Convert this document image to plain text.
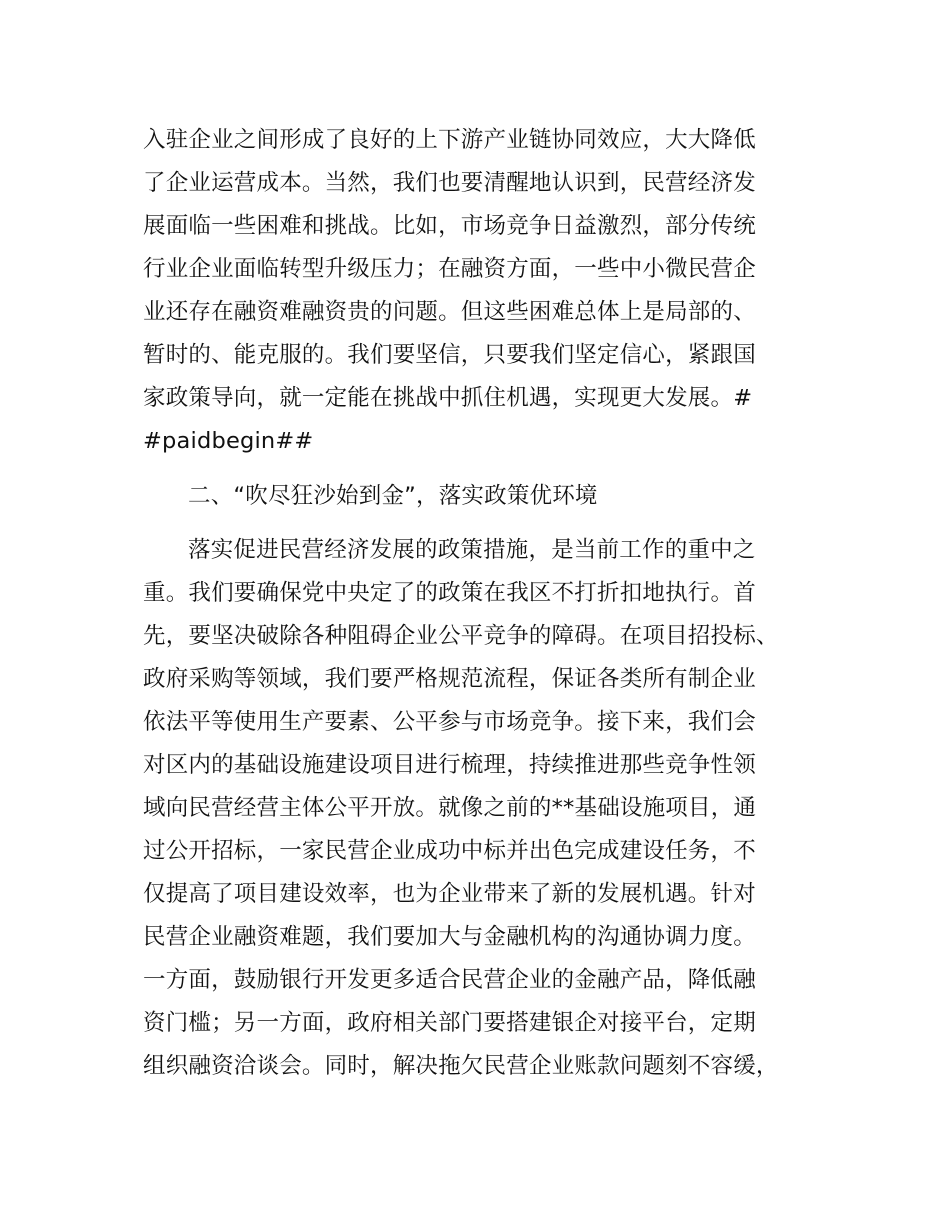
入驻企业之间形成了良好的上下游产业链协同效应，大大降低
了企业运营成本。当然，我们也要清醒地认识到，民营经济发
展面临一些困难和挑战。比如，市场竞争日益激烈，部分传统
行业企业面临转型升级压力；在融资方面，一些中小微民营企
业还存在融资难融资贵的问题。但这些困难总体上是局部的、
暂时的、能克服的。我们要坚信，只要我们坚定信心，紧跟国
家政策导向，就一定能在挑战中抓住机遇，实现更大发展。#
#paidbegin##
二、“吹尽狂沙始到金”，落实政策优环境
落实促进民营经济发展的政策措施，是当前工作的重中之
重。我们要确保党中央定了的政策在我区不打折扣地执行。首
先，要坚决破除各种阻碍企业公平竞争的障碍。在项目招投标、
政府采购等领域，我们要严格规范流程，保证各类所有制企业
依法平等使用生产要素、公平参与市场竞争。接下来，我们会
对区内的基础设施建设项目进行梳理，持续推进那些竞争性领
域向民营经营主体公平开放。就像之前的**基础设施项目，通
过公开招标，一家民营企业成功中标并出色完成建设任务，不
仅提高了项目建设效率，也为企业带来了新的发展机遇。针对
民营企业融资难题，我们要加大与金融机构的沟通协调力度。
一方面，鼓励银行开发更多适合民营企业的金融产品，降低融
资门槛；另一方面，政府相关部门要搭建银企对接平台，定期
组织融资洽谈会。同时，解决拖欠民营企业账款问题刻不容缓，
